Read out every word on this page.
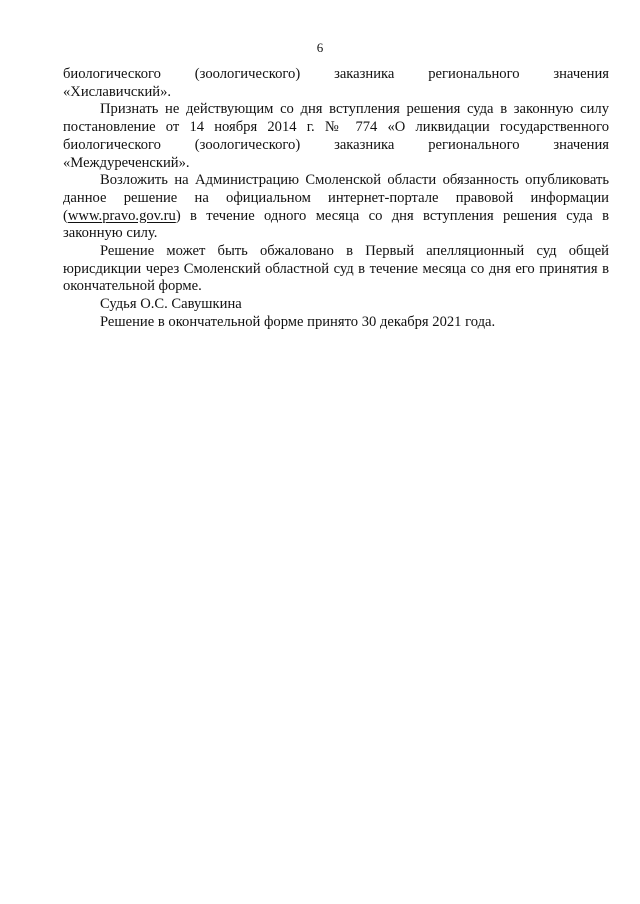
6
биологического (зоологического) заказника регионального значения

«Хиславичский».

Признать не действующим со дня вступления решения суда в законную силу постановление от 14 ноября 2014 г. № 774 «О ликвидации государственного биологического (зоологического) заказника регионального значения «Междуреченский».

Возложить на Администрацию Смоленской области обязанность опубликовать данное решение на официальном интернет-портале правовой информации (www.pravo.gov.ru) в течение одного месяца со дня вступления решения суда в законную силу.

Решение может быть обжаловано в Первый апелляционный суд общей юрисдикции через Смоленский областной суд в течение месяца со дня его принятия в окончательной форме.

Судья О.С. Савушкина

Решение в окончательной форме принято 30 декабря 2021 года.
